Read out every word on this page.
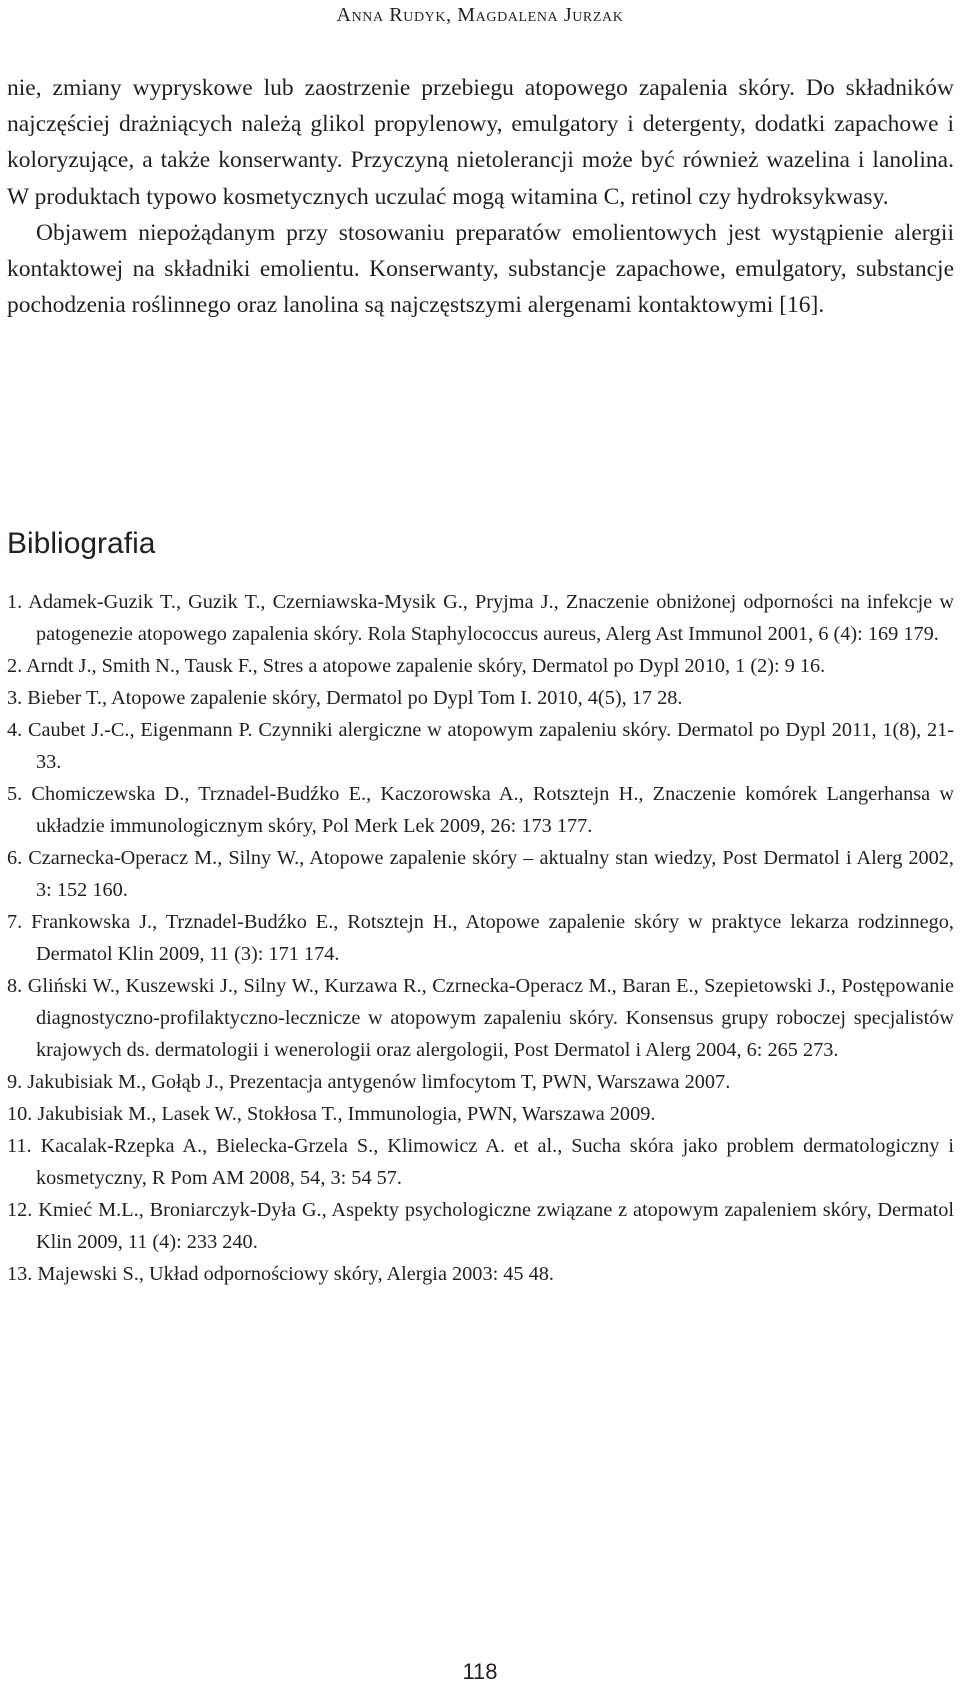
Anna Rudyk, Magdalena Jurzak

nie, zmiany wypryskowe lub zaostrzenie przebiegu atopowego zapalenia skóry. Do składników najczęściej drażniących należą glikol propylenowy, emulgatory i detergenty, dodatki zapachowe i koloryzujące, a także konserwanty. Przyczyną nietolerancji może być również wazelina i lanolina. W produktach typowo kosmetycznych uczulać mogą witamina C, retinol czy hydroksykwasy.

Objawem niepożądanym przy stosowaniu preparatów emolientowych jest wystąpienie alergii kontaktowej na składniki emolientu. Konserwanty, substancje zapachowe, emulgatory, substancje pochodzenia roślinnego oraz lanolina są najczęstszymi alergenami kontaktowymi [16].

Bibliografia
1. Adamek-Guzik T., Guzik T., Czerniawska-Mysik G., Pryjma J., Znaczenie obniżonej odporności na infekcje w patogenezie atopowego zapalenia skóry. Rola Staphylococcus aureus, Alerg Ast Immunol 2001, 6 (4): 169 179.
2. Arndt J., Smith N., Tausk F., Stres a atopowe zapalenie skóry, Dermatol po Dypl 2010, 1 (2): 9 16.
3. Bieber T., Atopowe zapalenie skóry, Dermatol po Dypl Tom I. 2010, 4(5), 17 28.
4. Caubet J.-C., Eigenmann P. Czynniki alergiczne w atopowym zapaleniu skóry. Dermatol po Dypl 2011, 1(8), 21-33.
5. Chomiczewska D., Trznadel-Budźko E., Kaczorowska A., Rotsztejn H., Znaczenie komórek Langerhansa w układzie immunologicznym skóry, Pol Merk Lek 2009, 26: 173 177.
6. Czarnecka-Operacz M., Silny W., Atopowe zapalenie skóry – aktualny stan wiedzy, Post Dermatol i Alerg 2002, 3: 152 160.
7. Frankowska J., Trznadel-Budźko E., Rotsztejn H., Atopowe zapalenie skóry w praktyce lekarza rodzinnego, Dermatol Klin 2009, 11 (3): 171 174.
8. Gliński W., Kuszewski J., Silny W., Kurzawa R., Czrnecka-Operacz M., Baran E., Szepietowski J., Postępowanie diagnostyczno-profilaktyczno-lecznicze w atopowym zapaleniu skóry. Konsensus grupy roboczej specjalistów krajowych ds. dermatologii i wenerologii oraz alergologii, Post Dermatol i Alerg 2004, 6: 265 273.
9. Jakubisiak M., Gołąb J., Prezentacja antygenów limfocytom T, PWN, Warszawa 2007.
10. Jakubisiak M., Lasek W., Stokłosa T., Immunologia, PWN, Warszawa 2009.
11. Kacalak-Rzepka A., Bielecka-Grzela S., Klimowicz A. et al., Sucha skóra jako problem dermatologiczny i kosmetyczny, R Pom AM 2008, 54, 3: 54 57.
12. Kmieć M.L., Broniarczyk-Dyła G., Aspekty psychologiczne związane z atopowym zapaleniem skóry, Dermatol Klin 2009, 11 (4): 233 240.
13. Majewski S., Układ odpornościowy skóry, Alergia 2003: 45 48.
118
